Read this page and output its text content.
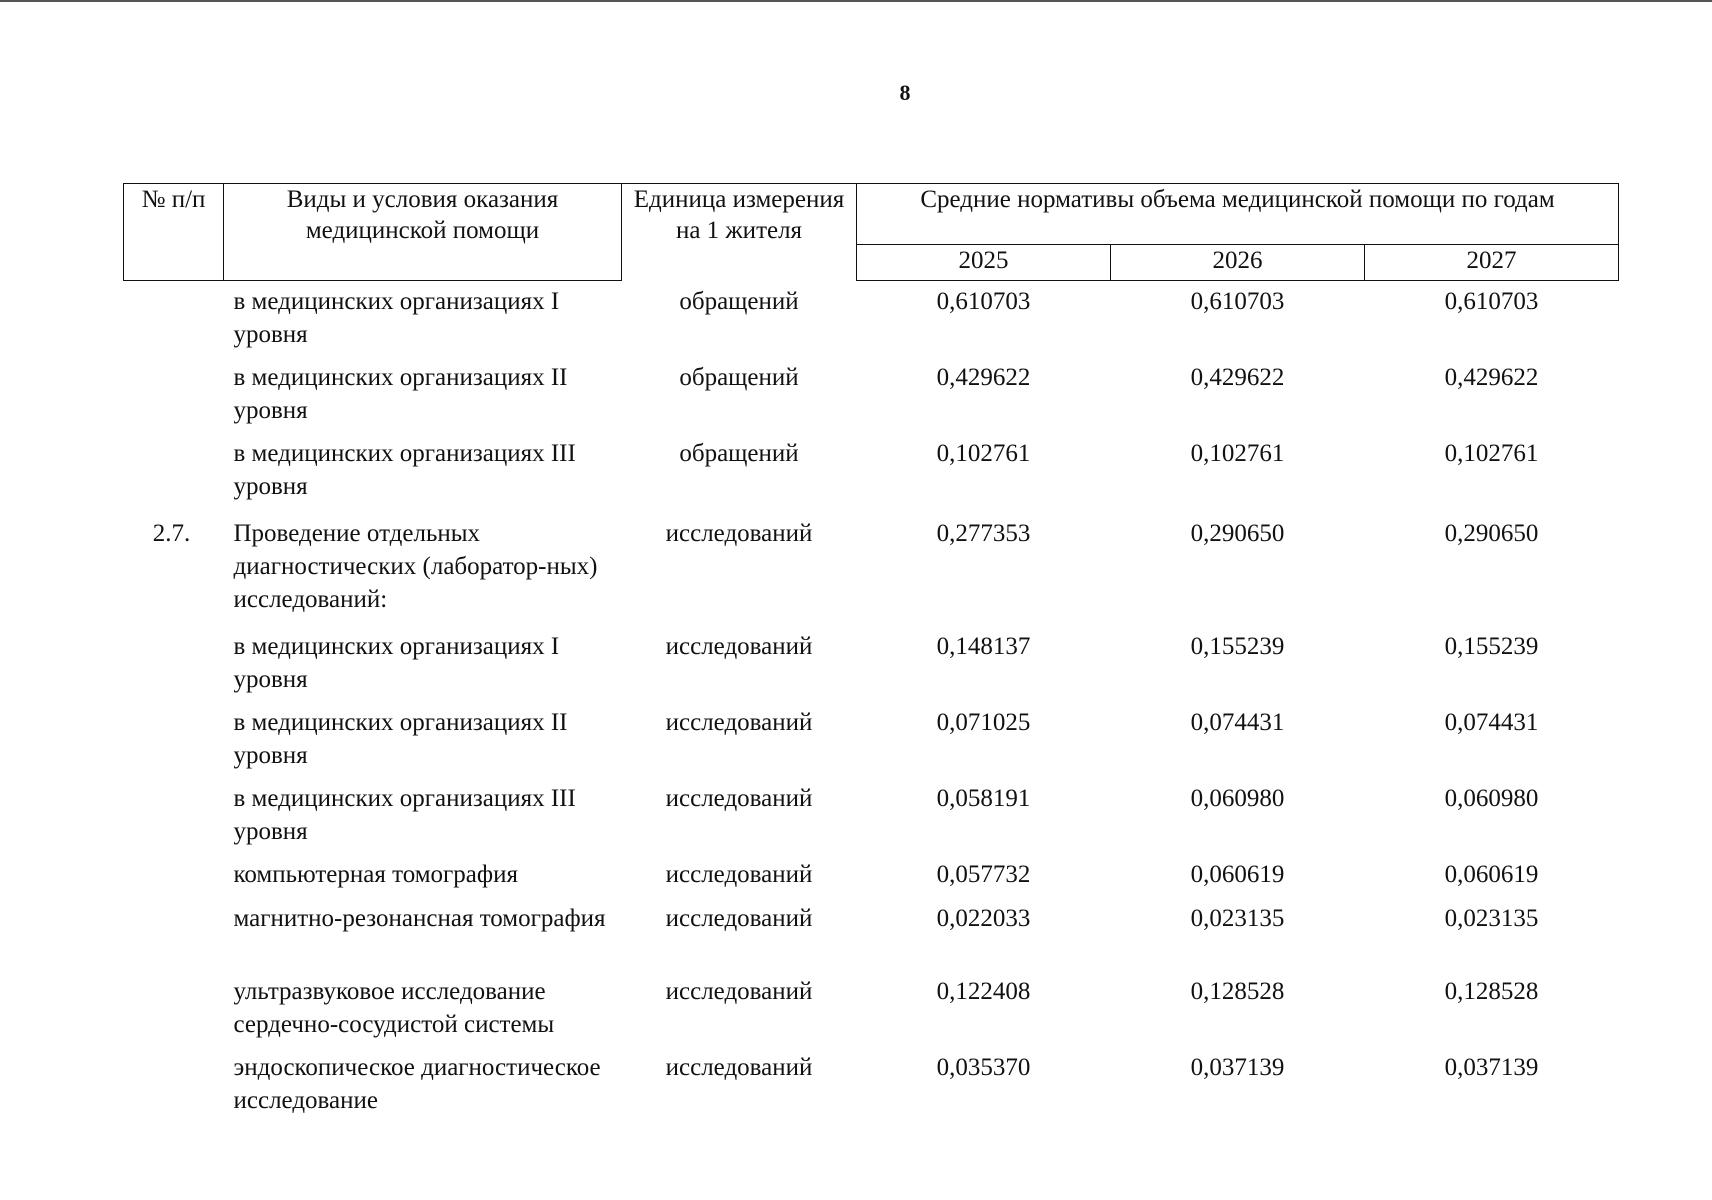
8
№ п/п	Виды и условия оказания медицинской помощи	Единица измерения на 1 жителя	Средние нормативы объема медицинской помощи по годам		
			2025	2026	2027
	в медицинских организациях I уровня	обращений	0,610703	0,610703	0,610703
	в медицинских организациях II уровня	обращений	0,429622	0,429622	0,429622
	в медицинских организациях III уровня	обращений	0,102761	0,102761	0,102761
2.7.	Проведение отдельных диагностических (лаборатор-ных) исследований:	исследований	0,277353	0,290650	0,290650
	в медицинских организациях I уровня	исследований	0,148137	0,155239	0,155239
	в медицинских организациях II уровня	исследований	0,071025	0,074431	0,074431
	в медицинских организациях III уровня	исследований	0,058191	0,060980	0,060980
	компьютерная томография	исследований	0,057732	0,060619	0,060619
	магнитно-резонансная томография	исследований	0,022033	0,023135	0,023135
	ультразвуковое исследование сердечно-сосудистой системы	исследований	0,122408	0,128528	0,128528
	эндоскопическое диагностическое исследование	исследований	0,035370	0,037139	0,037139
